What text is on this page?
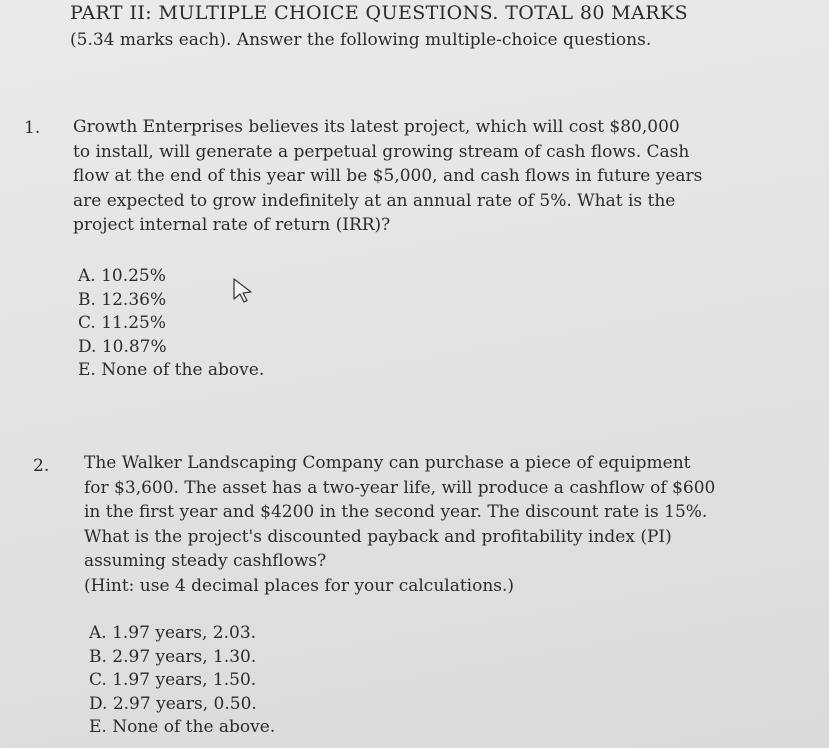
PART II: MULTIPLE CHOICE QUESTIONS. TOTAL 80 MARKS
(5.34 marks each). Answer the following multiple-choice questions.
1. Growth Enterprises believes its latest project, which will cost $80,000
to install, will generate a perpetual growing stream of cash flows. Cash
flow at the end of this year will be $5,000, and cash flows in future years
are expected to grow indefinitely at an annual rate of 5%. What is the
project internal rate of return (IRR)?
A. 10.25%
B. 12.36%
C. 11.25%
D. 10.87%
E. None of the above.
2. The Walker Landscaping Company can purchase a piece of equipment
for $3,600. The asset has a two-year life, will produce a cashflow of $600
in the first year and $4200 in the second year. The discount rate is 15%.
What is the project's discounted payback and profitability index (PI)
assuming steady cashflows?
(Hint: use 4 decimal places for your calculations.)
A. 1.97 years, 2.03.
B. 2.97 years, 1.30.
C. 1.97 years, 1.50.
D. 2.97 years, 0.50.
E. None of the above.
